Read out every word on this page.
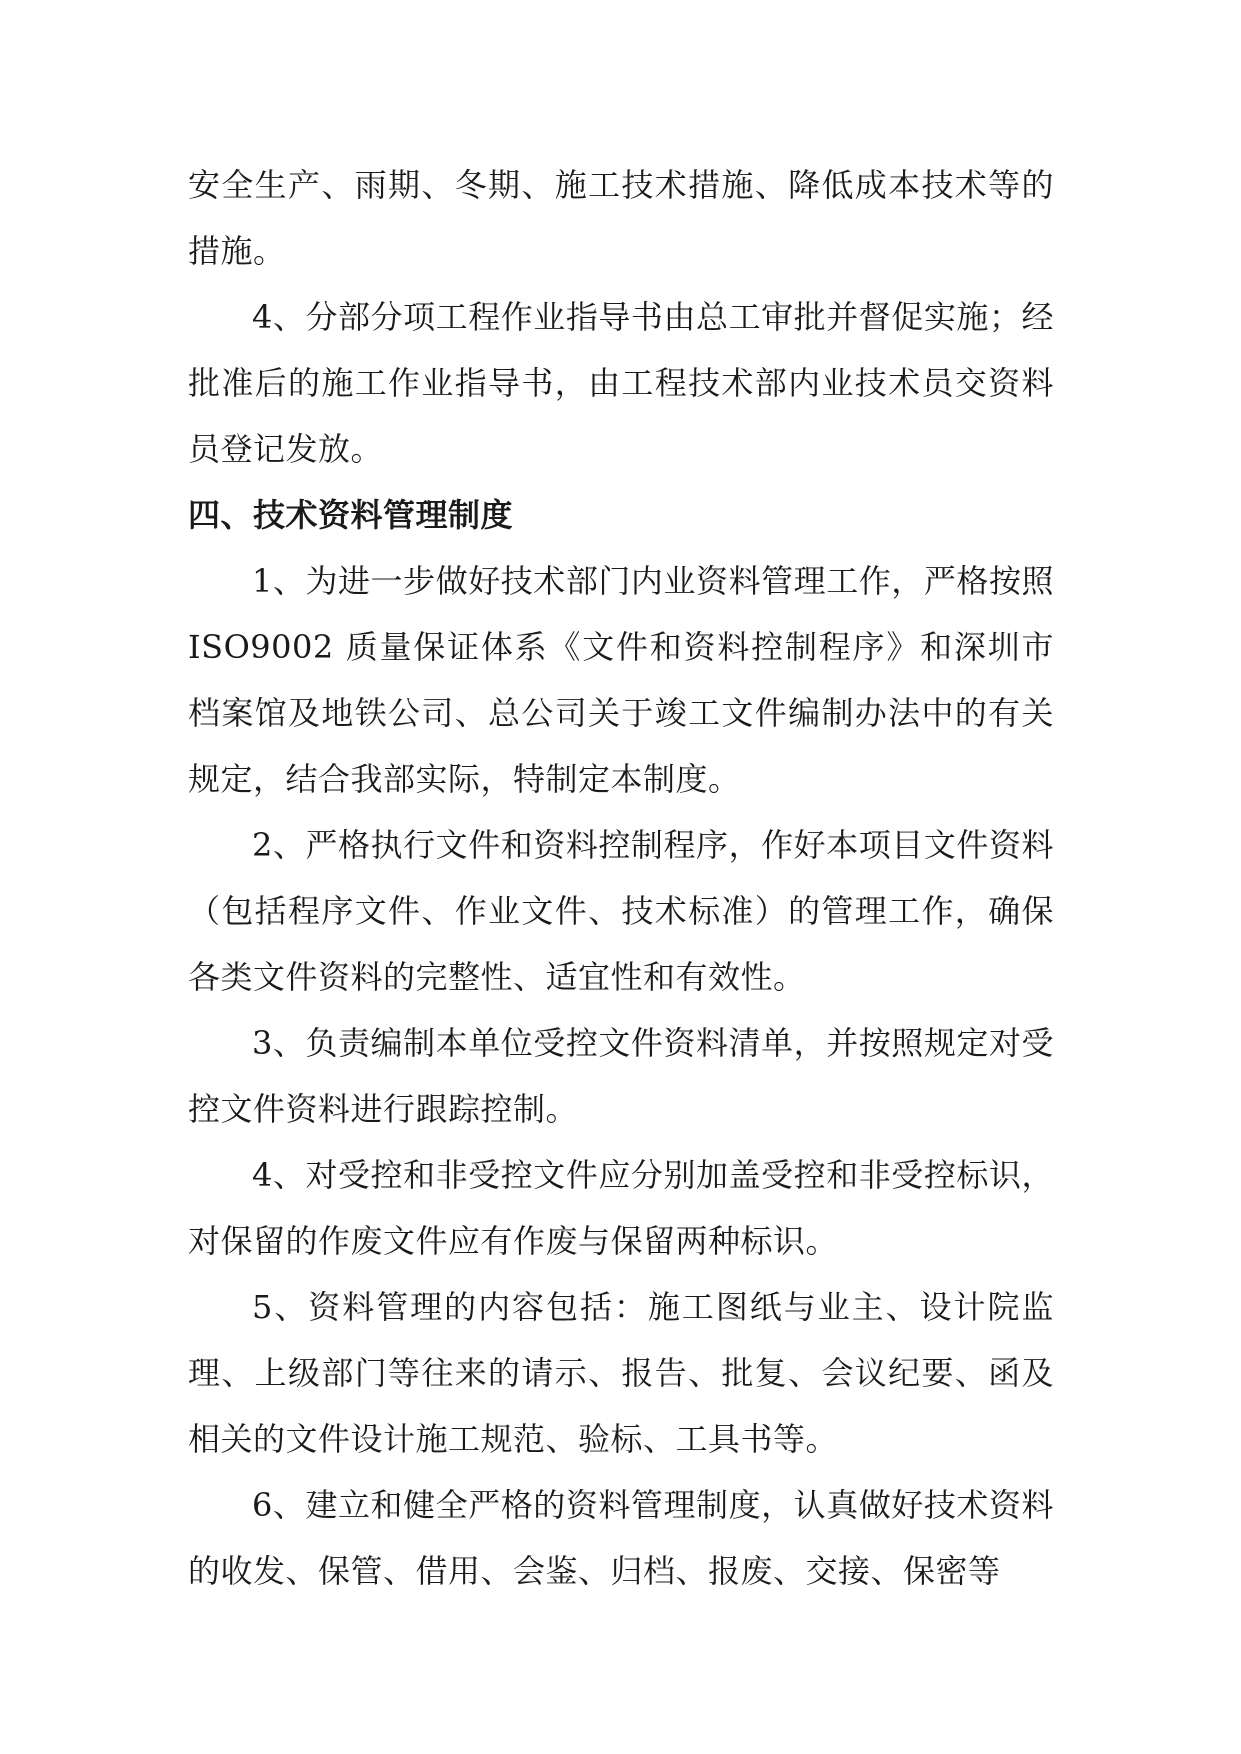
安全生产、雨期、冬期、施工技术措施、降低成本技术等的措施。

4、分部分项工程作业指导书由总工审批并督促实施；经批准后的施工作业指导书，由工程技术部内业技术员交资料员登记发放。

四、技术资料管理制度

1、为进一步做好技术部门内业资料管理工作，严格按照 ISO9002 质量保证体系《文件和资料控制程序》和深圳市档案馆及地铁公司、总公司关于竣工文件编制办法中的有关规定，结合我部实际，特制定本制度。

2、严格执行文件和资料控制程序，作好本项目文件资料（包括程序文件、作业文件、技术标准）的管理工作，确保各类文件资料的完整性、适宜性和有效性。

3、负责编制本单位受控文件资料清单，并按照规定对受控文件资料进行跟踪控制。

4、对受控和非受控文件应分别加盖受控和非受控标识，对保留的作废文件应有作废与保留两种标识。

5、资料管理的内容包括：施工图纸与业主、设计院监理、上级部门等往来的请示、报告、批复、会议纪要、函及相关的文件设计施工规范、验标、工具书等。

6、建立和健全严格的资料管理制度，认真做好技术资料的收发、保管、借用、会鉴、归档、报废、交接、保密等
